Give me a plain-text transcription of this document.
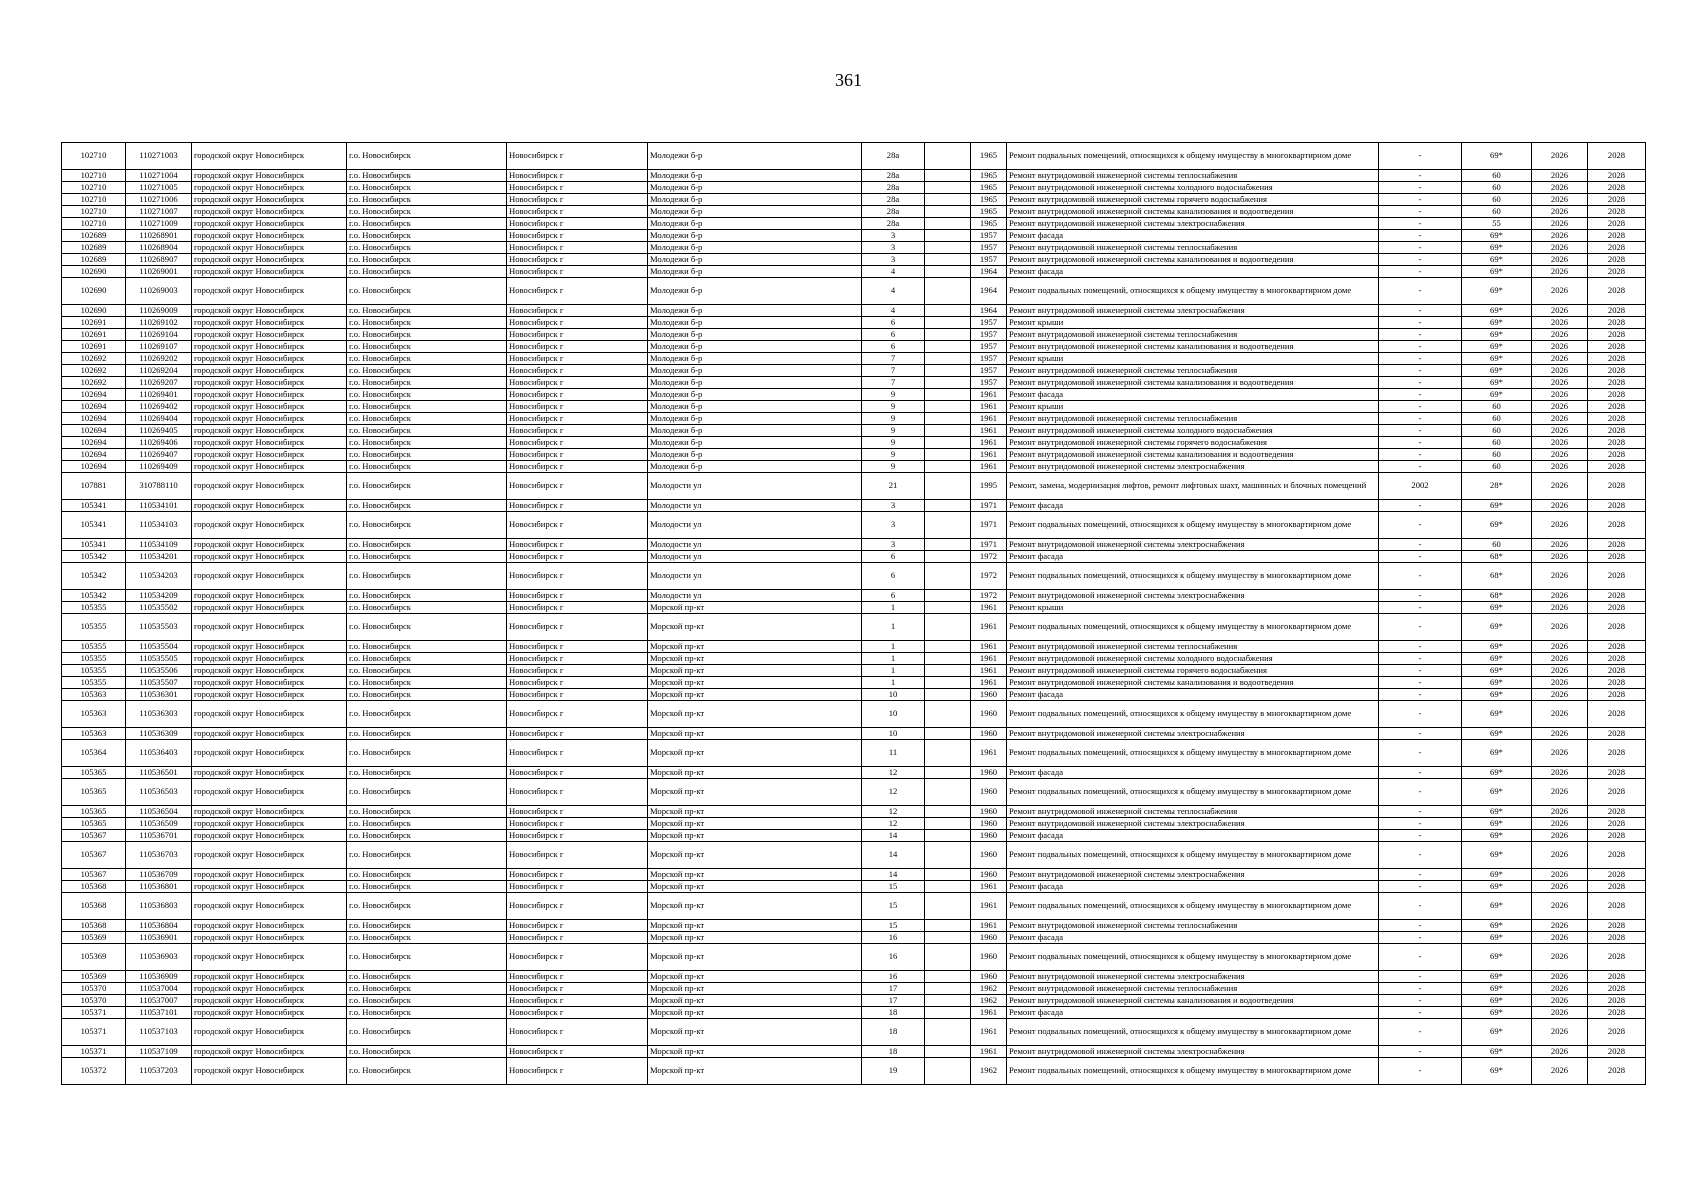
361
102710	110271003	городской округ Новосибирск	г.о. Новосибирск	Новосибирск г	Молодежи б-р	28а		1965	Ремонт подвальных помещений, относящихся к общему имуществу в многоквартирном доме	-	69*	2026	2028
102710	110271004	городской округ Новосибирск	г.о. Новосибирск	Новосибирск г	Молодежи б-р	28а		1965	Ремонт внутридомовой инженерной системы теплоснабжения	-	60	2026	2028
102710	110271005	городской округ Новосибирск	г.о. Новосибирск	Новосибирск г	Молодежи б-р	28а		1965	Ремонт внутридомовой инженерной системы холодного водоснабжения	-	60	2026	2028
102710	110271006	городской округ Новосибирск	г.о. Новосибирск	Новосибирск г	Молодежи б-р	28а		1965	Ремонт внутридомовой инженерной системы горячего водоснабжения	-	60	2026	2028
102710	110271007	городской округ Новосибирск	г.о. Новосибирск	Новосибирск г	Молодежи б-р	28а		1965	Ремонт внутридомовой инженерной системы канализования и водоотведения	-	60	2026	2028
102710	110271009	городской округ Новосибирск	г.о. Новосибирск	Новосибирск г	Молодежи б-р	28а		1965	Ремонт внутридомовой инженерной системы электроснабжения	-	55	2026	2028
102689	110268901	городской округ Новосибирск	г.о. Новосибирск	Новосибирск г	Молодежи б-р	3		1957	Ремонт фасада	-	69*	2026	2028
102689	110268904	городской округ Новосибирск	г.о. Новосибирск	Новосибирск г	Молодежи б-р	3		1957	Ремонт внутридомовой инженерной системы теплоснабжения	-	69*	2026	2028
102689	110268907	городской округ Новосибирск	г.о. Новосибирск	Новосибирск г	Молодежи б-р	3		1957	Ремонт внутридомовой инженерной системы канализования и водоотведения	-	69*	2026	2028
102690	110269001	городской округ Новосибирск	г.о. Новосибирск	Новосибирск г	Молодежи б-р	4		1964	Ремонт фасада	-	69*	2026	2028
102690	110269003	городской округ Новосибирск	г.о. Новосибирск	Новосибирск г	Молодежи б-р	4		1964	Ремонт подвальных помещений, относящихся к общему имуществу в многоквартирном доме	-	69*	2026	2028
102690	110269009	городской округ Новосибирск	г.о. Новосибирск	Новосибирск г	Молодежи б-р	4		1964	Ремонт внутридомовой инженерной системы электроснабжения	-	69*	2026	2028
102691	110269102	городской округ Новосибирск	г.о. Новосибирск	Новосибирск г	Молодежи б-р	6		1957	Ремонт крыши	-	69*	2026	2028
102691	110269104	городской округ Новосибирск	г.о. Новосибирск	Новосибирск г	Молодежи б-р	6		1957	Ремонт внутридомовой инженерной системы теплоснабжения	-	69*	2026	2028
102691	110269107	городской округ Новосибирск	г.о. Новосибирск	Новосибирск г	Молодежи б-р	6		1957	Ремонт внутридомовой инженерной системы канализования и водоотведения	-	69*	2026	2028
102692	110269202	городской округ Новосибирск	г.о. Новосибирск	Новосибирск г	Молодежи б-р	7		1957	Ремонт крыши	-	69*	2026	2028
102692	110269204	городской округ Новосибирск	г.о. Новосибирск	Новосибирск г	Молодежи б-р	7		1957	Ремонт внутридомовой инженерной системы теплоснабжения	-	69*	2026	2028
102692	110269207	городской округ Новосибирск	г.о. Новосибирск	Новосибирск г	Молодежи б-р	7		1957	Ремонт внутридомовой инженерной системы канализования и водоотведения	-	69*	2026	2028
102694	110269401	городской округ Новосибирск	г.о. Новосибирск	Новосибирск г	Молодежи б-р	9		1961	Ремонт фасада	-	69*	2026	2028
102694	110269402	городской округ Новосибирск	г.о. Новосибирск	Новосибирск г	Молодежи б-р	9		1961	Ремонт крыши	-	60	2026	2028
102694	110269404	городской округ Новосибирск	г.о. Новосибирск	Новосибирск г	Молодежи б-р	9		1961	Ремонт внутридомовой инженерной системы теплоснабжения	-	60	2026	2028
102694	110269405	городской округ Новосибирск	г.о. Новосибирск	Новосибирск г	Молодежи б-р	9		1961	Ремонт внутридомовой инженерной системы холодного водоснабжения	-	60	2026	2028
102694	110269406	городской округ Новосибирск	г.о. Новосибирск	Новосибирск г	Молодежи б-р	9		1961	Ремонт внутридомовой инженерной системы горячего водоснабжения	-	60	2026	2028
102694	110269407	городской округ Новосибирск	г.о. Новосибирск	Новосибирск г	Молодежи б-р	9		1961	Ремонт внутридомовой инженерной системы канализования и водоотведения	-	60	2026	2028
102694	110269409	городской округ Новосибирск	г.о. Новосибирск	Новосибирск г	Молодежи б-р	9		1961	Ремонт внутридомовой инженерной системы электроснабжения	-	60	2026	2028
107881	310788110	городской округ Новосибирск	г.о. Новосибирск	Новосибирск г	Молодости ул	21		1995	Ремонт, замена, модернизация лифтов, ремонт лифтовых шахт, машинных и блочных помещений	2002	28*	2026	2028
105341	110534101	городской округ Новосибирск	г.о. Новосибирск	Новосибирск г	Молодости ул	3		1971	Ремонт фасада	-	69*	2026	2028
105341	110534103	городской округ Новосибирск	г.о. Новосибирск	Новосибирск г	Молодости ул	3		1971	Ремонт подвальных помещений, относящихся к общему имуществу в многоквартирном доме	-	69*	2026	2028
105341	110534109	городской округ Новосибирск	г.о. Новосибирск	Новосибирск г	Молодости ул	3		1971	Ремонт внутридомовой инженерной системы электроснабжения	-	60	2026	2028
105342	110534201	городской округ Новосибирск	г.о. Новосибирск	Новосибирск г	Молодости ул	6		1972	Ремонт фасада	-	68*	2026	2028
105342	110534203	городской округ Новосибирск	г.о. Новосибирск	Новосибирск г	Молодости ул	6		1972	Ремонт подвальных помещений, относящихся к общему имуществу в многоквартирном доме	-	68*	2026	2028
105342	110534209	городской округ Новосибирск	г.о. Новосибирск	Новосибирск г	Молодости ул	6		1972	Ремонт внутридомовой инженерной системы электроснабжения	-	68*	2026	2028
105355	110535502	городской округ Новосибирск	г.о. Новосибирск	Новосибирск г	Морской пр-кт	1		1961	Ремонт крыши	-	69*	2026	2028
105355	110535503	городской округ Новосибирск	г.о. Новосибирск	Новосибирск г	Морской пр-кт	1		1961	Ремонт подвальных помещений, относящихся к общему имуществу в многоквартирном доме	-	69*	2026	2028
105355	110535504	городской округ Новосибирск	г.о. Новосибирск	Новосибирск г	Морской пр-кт	1		1961	Ремонт внутридомовой инженерной системы теплоснабжения	-	69*	2026	2028
105355	110535505	городской округ Новосибирск	г.о. Новосибирск	Новосибирск г	Морской пр-кт	1		1961	Ремонт внутридомовой инженерной системы холодного водоснабжения	-	69*	2026	2028
105355	110535506	городской округ Новосибирск	г.о. Новосибирск	Новосибирск г	Морской пр-кт	1		1961	Ремонт внутридомовой инженерной системы горячего водоснабжения	-	69*	2026	2028
105355	110535507	городской округ Новосибирск	г.о. Новосибирск	Новосибирск г	Морской пр-кт	1		1961	Ремонт внутридомовой инженерной системы канализования и водоотведения	-	69*	2026	2028
105363	110536301	городской округ Новосибирск	г.о. Новосибирск	Новосибирск г	Морской пр-кт	10		1960	Ремонт фасада	-	69*	2026	2028
105363	110536303	городской округ Новосибирск	г.о. Новосибирск	Новосибирск г	Морской пр-кт	10		1960	Ремонт подвальных помещений, относящихся к общему имуществу в многоквартирном доме	-	69*	2026	2028
105363	110536309	городской округ Новосибирск	г.о. Новосибирск	Новосибирск г	Морской пр-кт	10		1960	Ремонт внутридомовой инженерной системы электроснабжения	-	69*	2026	2028
105364	110536403	городской округ Новосибирск	г.о. Новосибирск	Новосибирск г	Морской пр-кт	11		1961	Ремонт подвальных помещений, относящихся к общему имуществу в многоквартирном доме	-	69*	2026	2028
105365	110536501	городской округ Новосибирск	г.о. Новосибирск	Новосибирск г	Морской пр-кт	12		1960	Ремонт фасада	-	69*	2026	2028
105365	110536503	городской округ Новосибирск	г.о. Новосибирск	Новосибирск г	Морской пр-кт	12		1960	Ремонт подвальных помещений, относящихся к общему имуществу в многоквартирном доме	-	69*	2026	2028
105365	110536504	городской округ Новосибирск	г.о. Новосибирск	Новосибирск г	Морской пр-кт	12		1960	Ремонт внутридомовой инженерной системы теплоснабжения	-	69*	2026	2028
105365	110536509	городской округ Новосибирск	г.о. Новосибирск	Новосибирск г	Морской пр-кт	12		1960	Ремонт внутридомовой инженерной системы электроснабжения	-	69*	2026	2028
105367	110536701	городской округ Новосибирск	г.о. Новосибирск	Новосибирск г	Морской пр-кт	14		1960	Ремонт фасада	-	69*	2026	2028
105367	110536703	городской округ Новосибирск	г.о. Новосибирск	Новосибирск г	Морской пр-кт	14		1960	Ремонт подвальных помещений, относящихся к общему имуществу в многоквартирном доме	-	69*	2026	2028
105367	110536709	городской округ Новосибирск	г.о. Новосибирск	Новосибирск г	Морской пр-кт	14		1960	Ремонт внутридомовой инженерной системы электроснабжения	-	69*	2026	2028
105368	110536801	городской округ Новосибирск	г.о. Новосибирск	Новосибирск г	Морской пр-кт	15		1961	Ремонт фасада	-	69*	2026	2028
105368	110536803	городской округ Новосибирск	г.о. Новосибирск	Новосибирск г	Морской пр-кт	15		1961	Ремонт подвальных помещений, относящихся к общему имуществу в многоквартирном доме	-	69*	2026	2028
105368	110536804	городской округ Новосибирск	г.о. Новосибирск	Новосибирск г	Морской пр-кт	15		1961	Ремонт внутридомовой инженерной системы теплоснабжения	-	69*	2026	2028
105369	110536901	городской округ Новосибирск	г.о. Новосибирск	Новосибирск г	Морской пр-кт	16		1960	Ремонт фасада	-	69*	2026	2028
105369	110536903	городской округ Новосибирск	г.о. Новосибирск	Новосибирск г	Морской пр-кт	16		1960	Ремонт подвальных помещений, относящихся к общему имуществу в многоквартирном доме	-	69*	2026	2028
105369	110536909	городской округ Новосибирск	г.о. Новосибирск	Новосибирск г	Морской пр-кт	16		1960	Ремонт внутридомовой инженерной системы электроснабжения	-	69*	2026	2028
105370	110537004	городской округ Новосибирск	г.о. Новосибирск	Новосибирск г	Морской пр-кт	17		1962	Ремонт внутридомовой инженерной системы теплоснабжения	-	69*	2026	2028
105370	110537007	городской округ Новосибирск	г.о. Новосибирск	Новосибирск г	Морской пр-кт	17		1962	Ремонт внутридомовой инженерной системы канализования и водоотведения	-	69*	2026	2028
105371	110537101	городской округ Новосибирск	г.о. Новосибирск	Новосибирск г	Морской пр-кт	18		1961	Ремонт фасада	-	69*	2026	2028
105371	110537103	городской округ Новосибирск	г.о. Новосибирск	Новосибирск г	Морской пр-кт	18		1961	Ремонт подвальных помещений, относящихся к общему имуществу в многоквартирном доме	-	69*	2026	2028
105371	110537109	городской округ Новосибирск	г.о. Новосибирск	Новосибирск г	Морской пр-кт	18		1961	Ремонт внутридомовой инженерной системы электроснабжения	-	69*	2026	2028
105372	110537203	городской округ Новосибирск	г.о. Новосибирск	Новосибирск г	Морской пр-кт	19		1962	Ремонт подвальных помещений, относящихся к общему имуществу в многоквартирном доме	-	69*	2026	2028
